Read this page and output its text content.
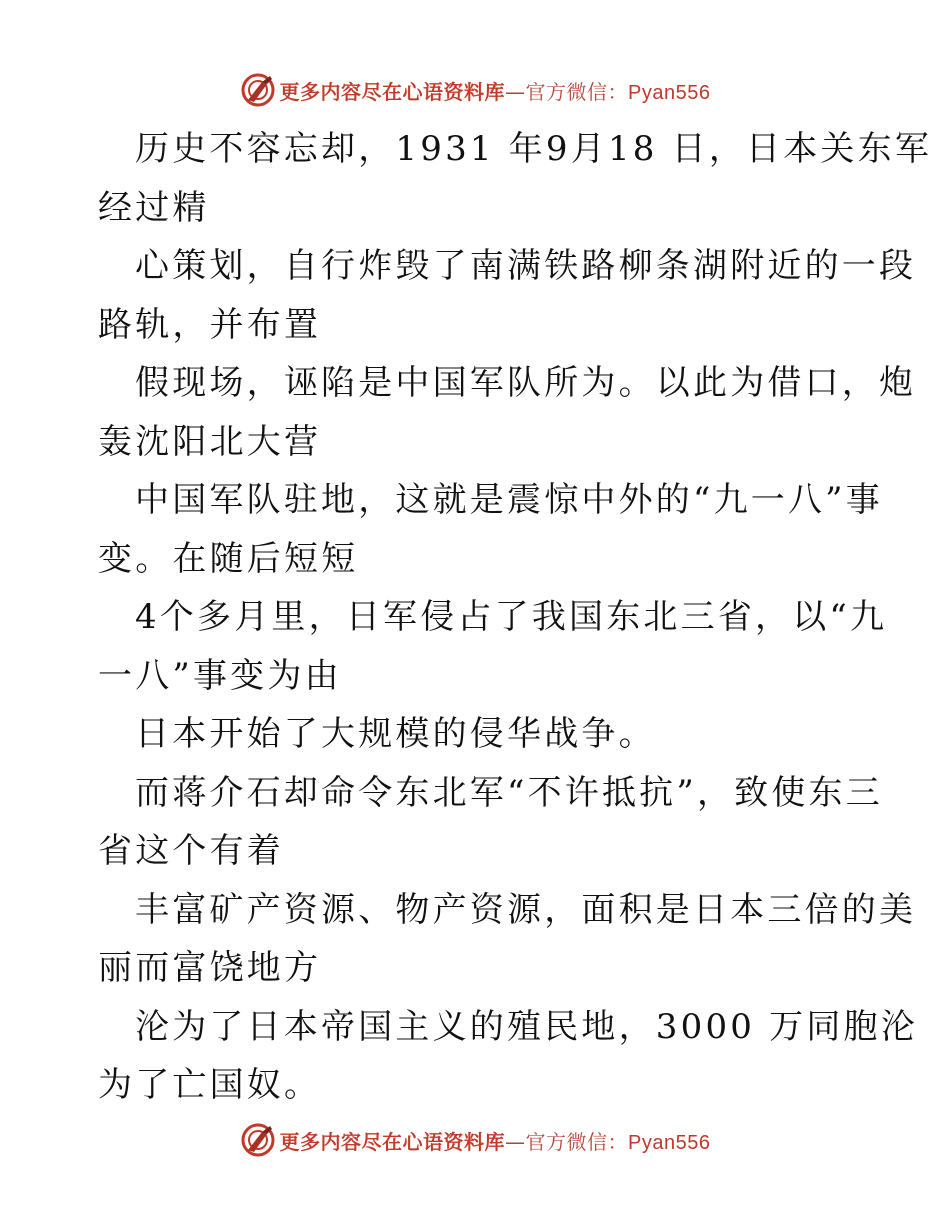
更多内容尽在心语资料库—官方微信：Pyan556
历史不容忘却，1931 年9月18 日，日本关东军
经过精
心策划，自行炸毁了南满铁路柳条湖附近的一段
路轨，并布置
假现场，诬陷是中国军队所为。以此为借口，炮
轰沈阳北大营
中国军队驻地，这就是震惊中外的“九一八”事
变。在随后短短
4个多月里，日军侵占了我国东北三省，以“九
一八”事变为由
日本开始了大规模的侵华战争。
而蒋介石却命令东北军“不许抵抗”，致使东三
省这个有着
丰富矿产资源、物产资源，面积是日本三倍的美
丽而富饶地方
沦为了日本帝国主义的殖民地，3000 万同胞沦
为了亡国奴。
更多内容尽在心语资料库—官方微信：Pyan556
